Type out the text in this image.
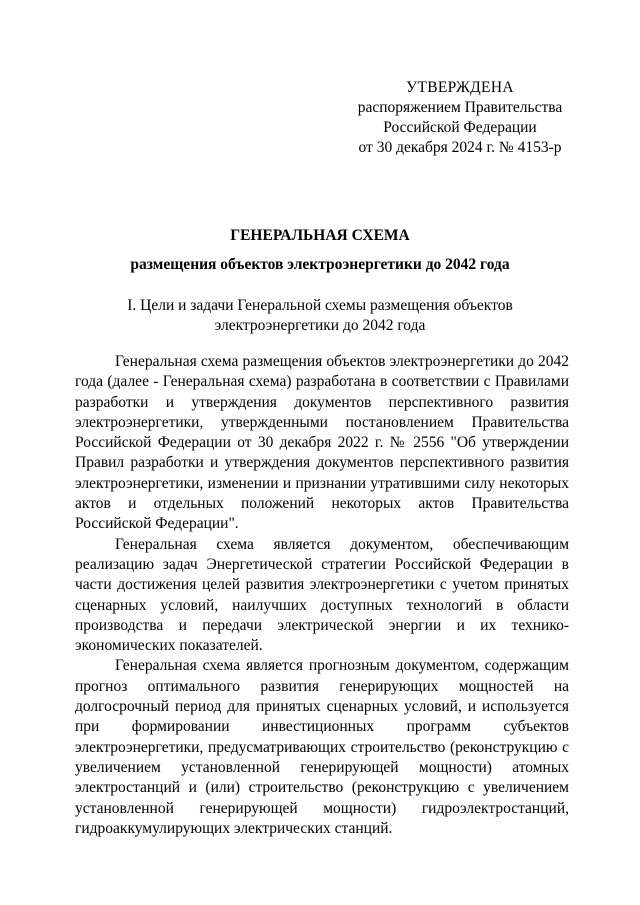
УТВЕРЖДЕНА
распоряжением Правительства
Российской Федерации
от 30 декабря 2024 г. № 4153-р
ГЕНЕРАЛЬНАЯ СХЕМА
размещения объектов электроэнергетики до 2042 года
I. Цели и задачи Генеральной схемы размещения объектов
электроэнергетики до 2042 года

Генеральная схема размещения объектов электроэнергетики до 2042 года (далее - Генеральная схема) разработана в соответствии с Правилами разработки и утверждения документов перспективного развития электроэнергетики, утвержденными постановлением Правительства Российской Федерации от 30 декабря 2022 г. № 2556 "Об утверждении Правил разработки и утверждения документов перспективного развития электроэнергетики, изменении и признании утратившими силу некоторых актов и отдельных положений некоторых актов Правительства Российской Федерации".

Генеральная схема является документом, обеспечивающим реализацию задач Энергетической стратегии Российской Федерации в части достижения целей развития электроэнергетики с учетом принятых сценарных условий, наилучших доступных технологий в области производства и передачи электрической энергии и их технико-экономических показателей.

Генеральная схема является прогнозным документом, содержащим прогноз оптимального развития генерирующих мощностей на долгосрочный период для принятых сценарных условий, и используется при формировании инвестиционных программ субъектов электроэнергетики, предусматривающих строительство (реконструкцию с увеличением установленной генерирующей мощности) атомных электростанций и (или) строительство (реконструкцию с увеличением установленной генерирующей мощности) гидроэлектростанций, гидроаккумулирующих электрических станций.
